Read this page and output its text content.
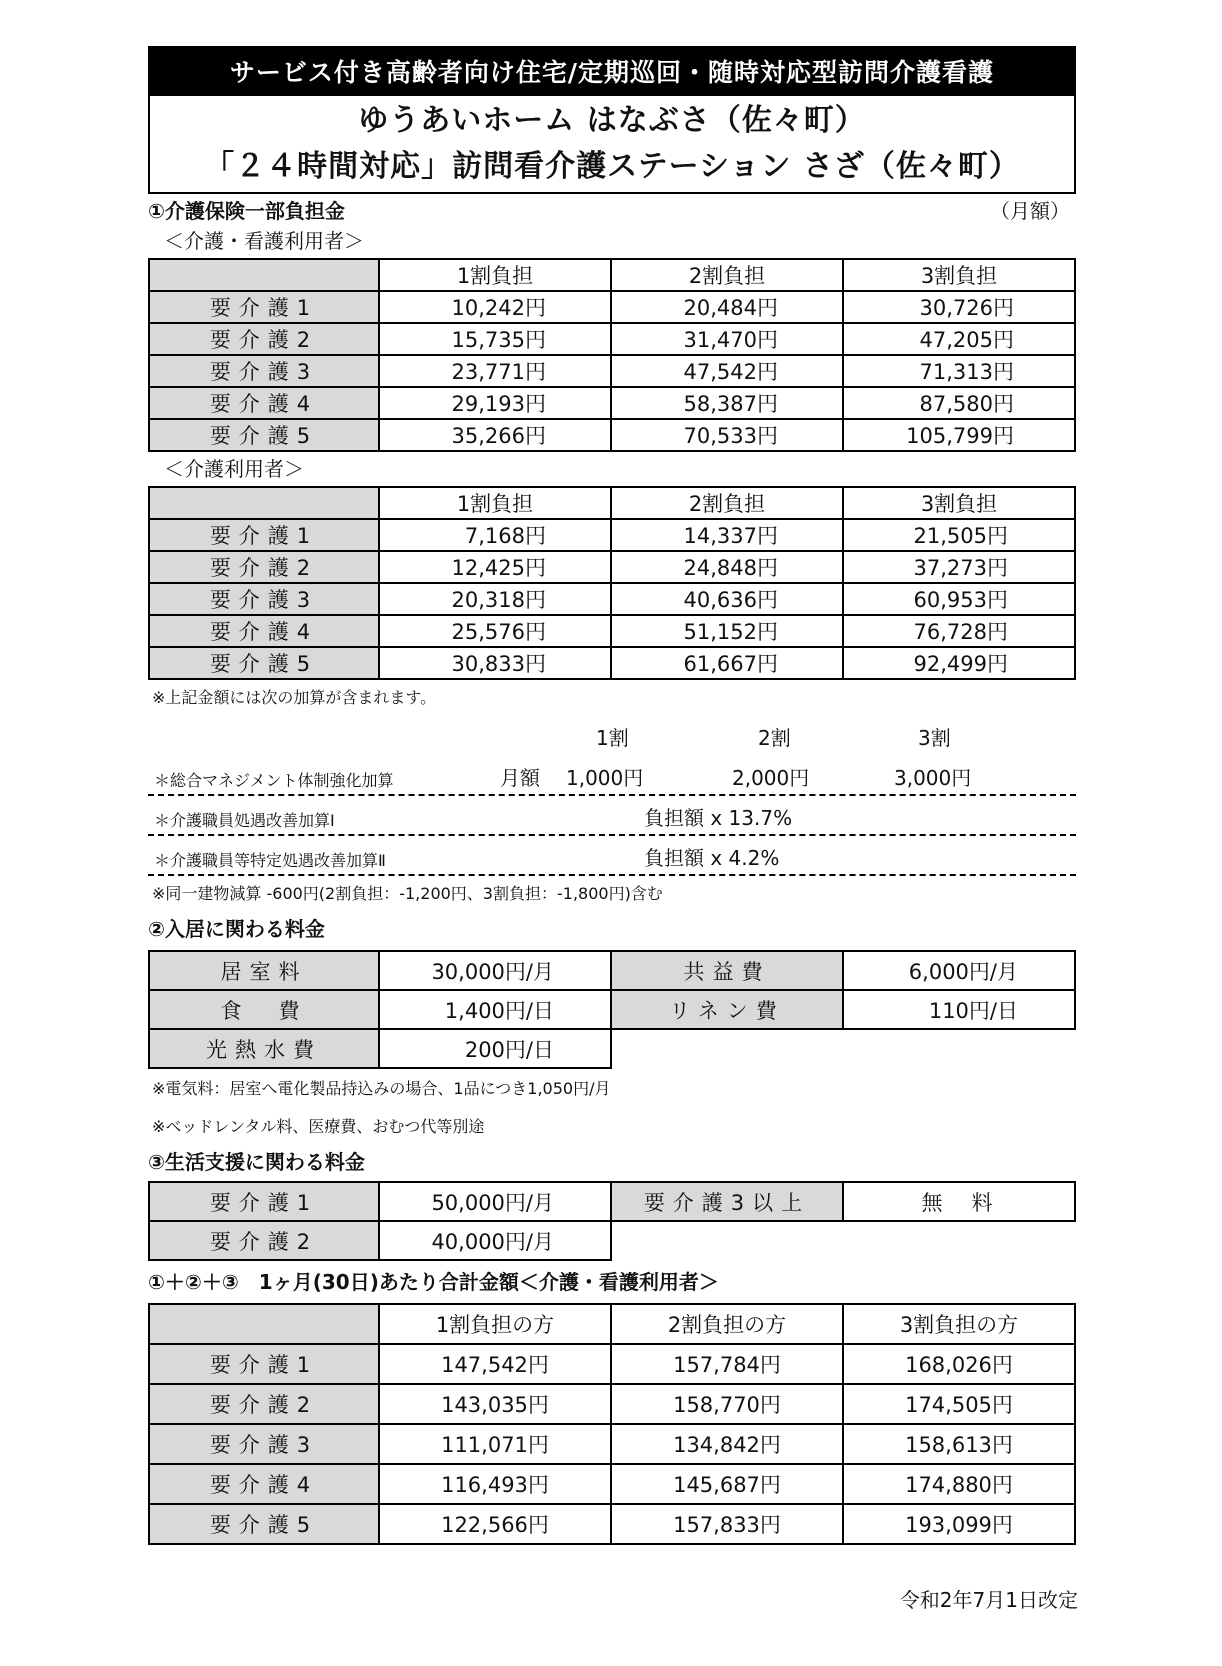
サービス付き高齢者向け住宅/定期巡回・随時対応型訪問介護看護
ゆうあいホーム はなぶさ（佐々町）
「２４時間対応」訪問看介護ステーション さざ（佐々町）
①介護保険一部負担金	（月額）
＜介護・看護利用者＞
	1割負担	2割負担	3割負担
要介護1	10,242円	20,484円	30,726円
要介護2	15,735円	31,470円	47,205円
要介護3	23,771円	47,542円	71,313円
要介護4	29,193円	58,387円	87,580円
要介護5	35,266円	70,533円	105,799円
＜介護利用者＞
	1割負担	2割負担	3割負担
要介護1	7,168円	14,337円	21,505円
要介護2	12,425円	24,848円	37,273円
要介護3	20,318円	40,636円	60,953円
要介護4	25,576円	51,152円	76,728円
要介護5	30,833円	61,667円	92,499円
※上記金額には次の加算が含まれます。
1割	2割	3割
＊総合マネジメント体制強化加算	月額 1,000円	2,000円	3,000円
＊介護職員処遇改善加算Ⅰ	負担額 x 13.7%
＊介護職員等特定処遇改善加算Ⅱ	負担額 x 4.2%
※同一建物減算 -600円(2割負担：-1,200円、3割負担：-1,800円)含む
②入居に関わる料金
居室料	30,000円/月	共益費	6,000円/月
食　費	1,400円/日	リネン費	110円/日
光熱水費	200円/日		
※電気料：居室へ電化製品持込みの場合、1品につき1,050円/月
※ベッドレンタル料、医療費、おむつ代等別途
③生活支援に関わる料金
要介護1	50,000円/月	要介護3以上	無　料
要介護2	40,000円/月		
①＋②＋③　1ヶ月(30日)あたり合計金額＜介護・看護利用者＞
	1割負担の方	2割負担の方	3割負担の方
要介護1	147,542円	157,784円	168,026円
要介護2	143,035円	158,770円	174,505円
要介護3	111,071円	134,842円	158,613円
要介護4	116,493円	145,687円	174,880円
要介護5	122,566円	157,833円	193,099円
令和2年7月1日改定
